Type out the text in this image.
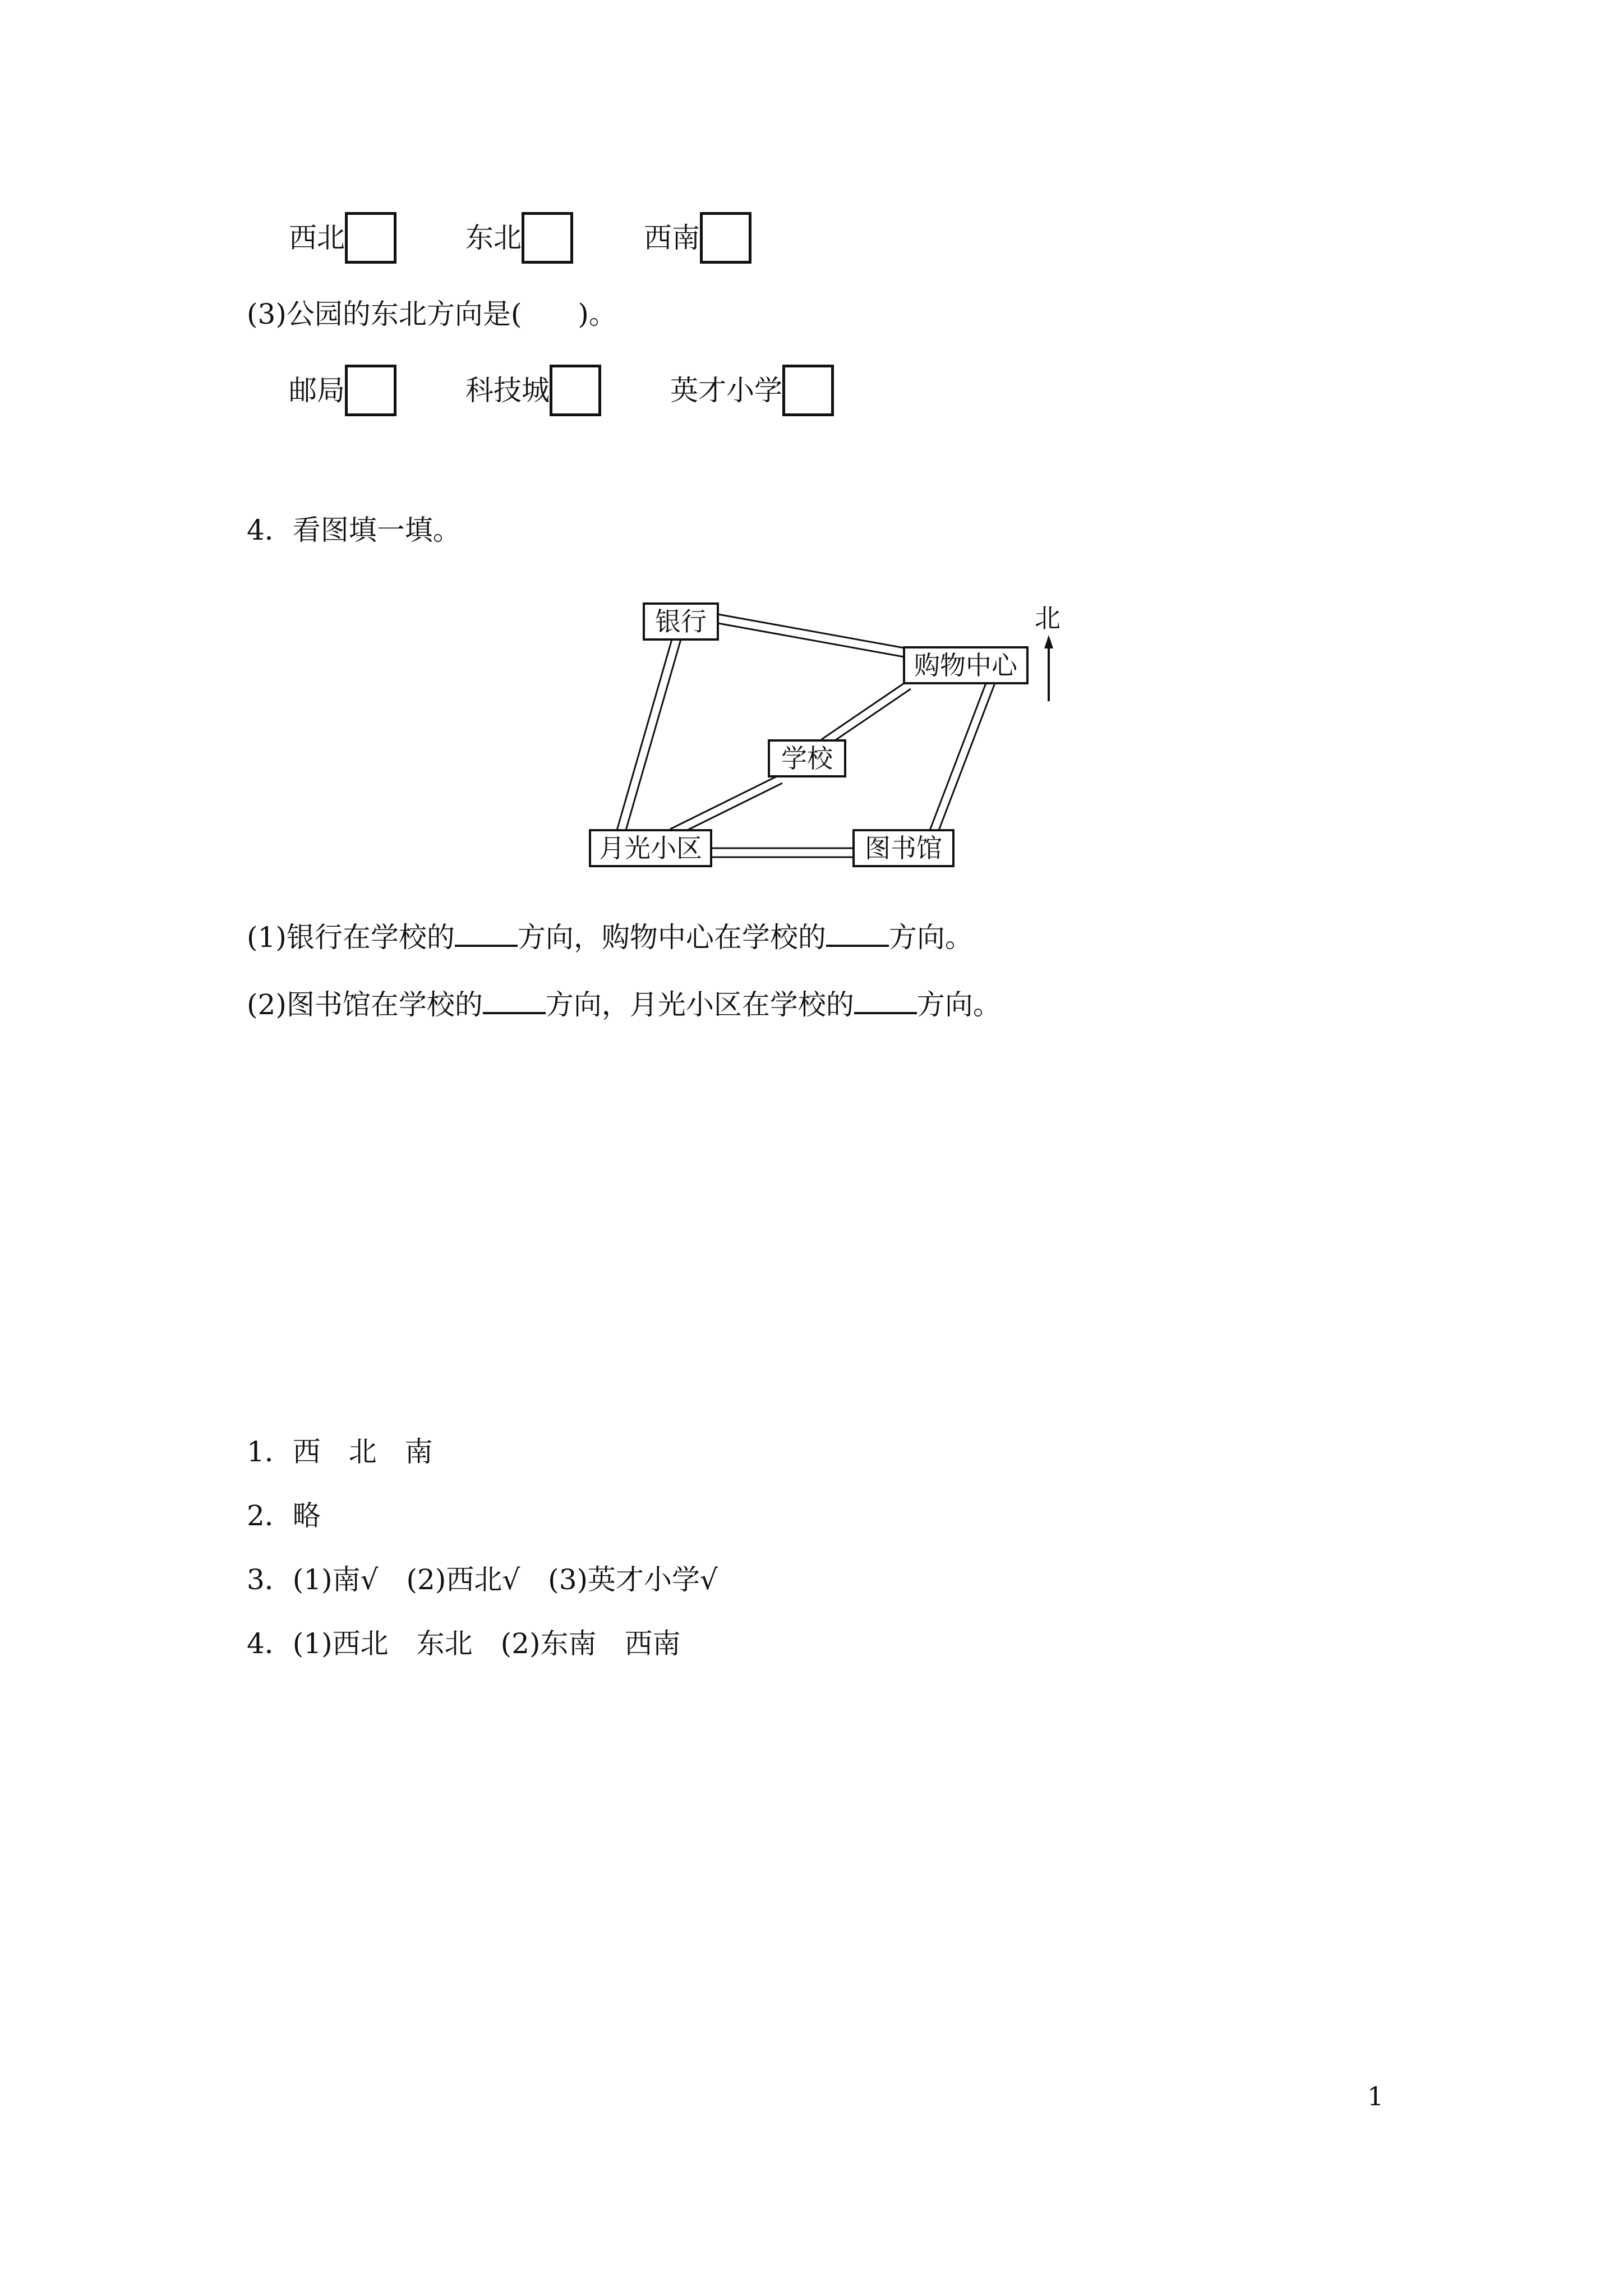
西北	东北	西南
(3)公园的东北方向是(　　)。
邮局	科技城	英才小学
4．看图填一填。
银行
购物中心
学校
月光小区	图书馆
北
(1)银行在学校的 方向，购物中心在学校的 方向。
(2)图书馆在学校的 方向，月光小区在学校的 方向。
1．西　北　南
2．略
3．(1)南√　(2)西北√　(3)英才小学√
4．(1)西北　东北　(2)东南　西南
1
